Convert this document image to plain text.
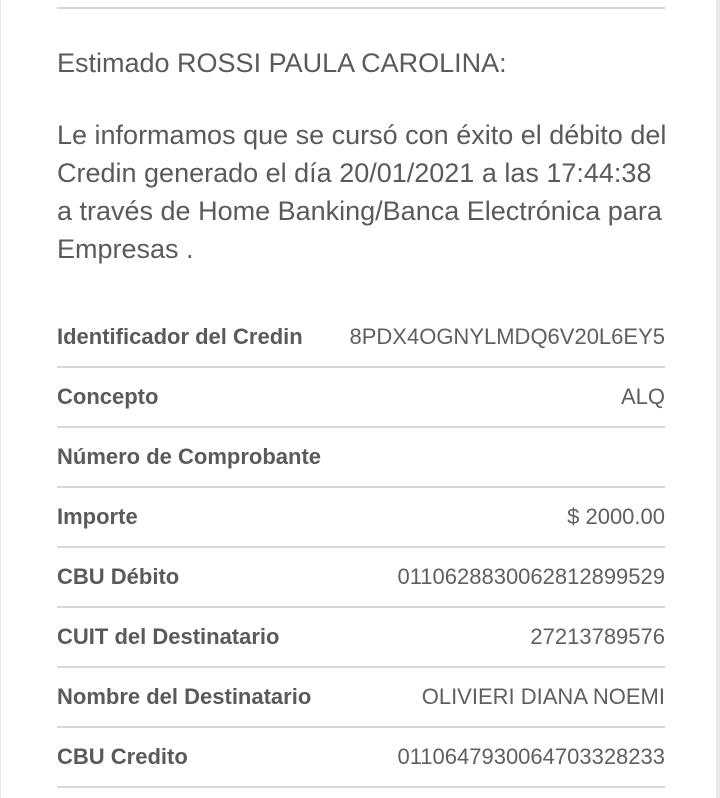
Estimado ROSSI PAULA CAROLINA:

Le informamos que se cursó con éxito el débito del Credin generado el día 20/01/2021 a las 17:44:38 a través de Home Banking/Banca Electrónica para Empresas .

Identificador del Credin 8PDX4OGNYLMDQ6V20L6EY5
Concepto	ALQ
Número de Comprobante
Importe	$ 2000.00
CBU Débito	0110628830062812899529
CUIT del Destinatario	27213789576
Nombre del Destinatario	OLIVIERI DIANA NOEMI
CBU Credito	0110647930064703328233
